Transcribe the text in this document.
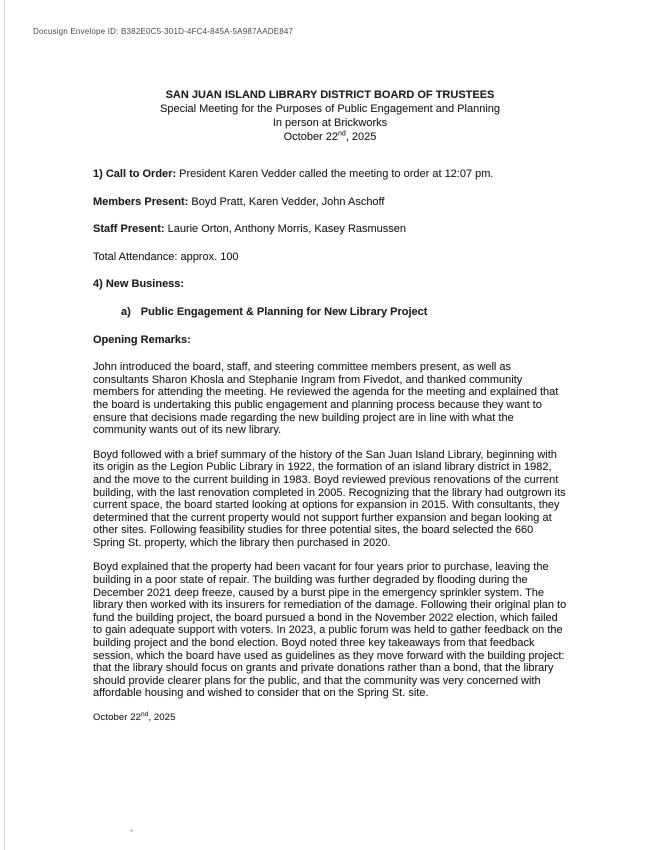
Docusign Envelope ID: B382E0C5-301D-4FC4-845A-5A987AADE847
SAN JUAN ISLAND LIBRARY DISTRICT BOARD OF TRUSTEES
Special Meeting for the Purposes of Public Engagement and Planning
In person at Brickworks
October 22nd, 2025

1) Call to Order: President Karen Vedder called the meeting to order at 12:07 pm.

Members Present: Boyd Pratt, Karen Vedder, John Aschoff

Staff Present: Laurie Orton, Anthony Morris, Kasey Rasmussen

Total Attendance: approx. 100

4) New Business:

a) Public Engagement & Planning for New Library Project

Opening Remarks:

John introduced the board, staff, and steering committee members present, as well as consultants Sharon Khosla and Stephanie Ingram from Fivedot, and thanked community members for attending the meeting. He reviewed the agenda for the meeting and explained that the board is undertaking this public engagement and planning process because they want to ensure that decisions made regarding the new building project are in line with what the community wants out of its new library.

Boyd followed with a brief summary of the history of the San Juan Island Library, beginning with its origin as the Legion Public Library in 1922, the formation of an island library district in 1982, and the move to the current building in 1983. Boyd reviewed previous renovations of the current building, with the last renovation completed in 2005. Recognizing that the library had outgrown its current space, the board started looking at options for expansion in 2015. With consultants, they determined that the current property would not support further expansion and began looking at other sites. Following feasibility studies for three potential sites, the board selected the 660 Spring St. property, which the library then purchased in 2020.

Boyd explained that the property had been vacant for four years prior to purchase, leaving the building in a poor state of repair. The building was further degraded by flooding during the December 2021 deep freeze, caused by a burst pipe in the emergency sprinkler system. The library then worked with its insurers for remediation of the damage. Following their original plan to fund the building project, the board pursued a bond in the November 2022 election, which failed to gain adequate support with voters. In 2023, a public forum was held to gather feedback on the building project and the bond election. Boyd noted three key takeaways from that feedback session, which the board have used as guidelines as they move forward with the building project: that the library should focus on grants and private donations rather than a bond, that the library should provide clearer plans for the public, and that the community was very concerned with affordable housing and wished to consider that on the Spring St. site.

October 22nd, 2025
